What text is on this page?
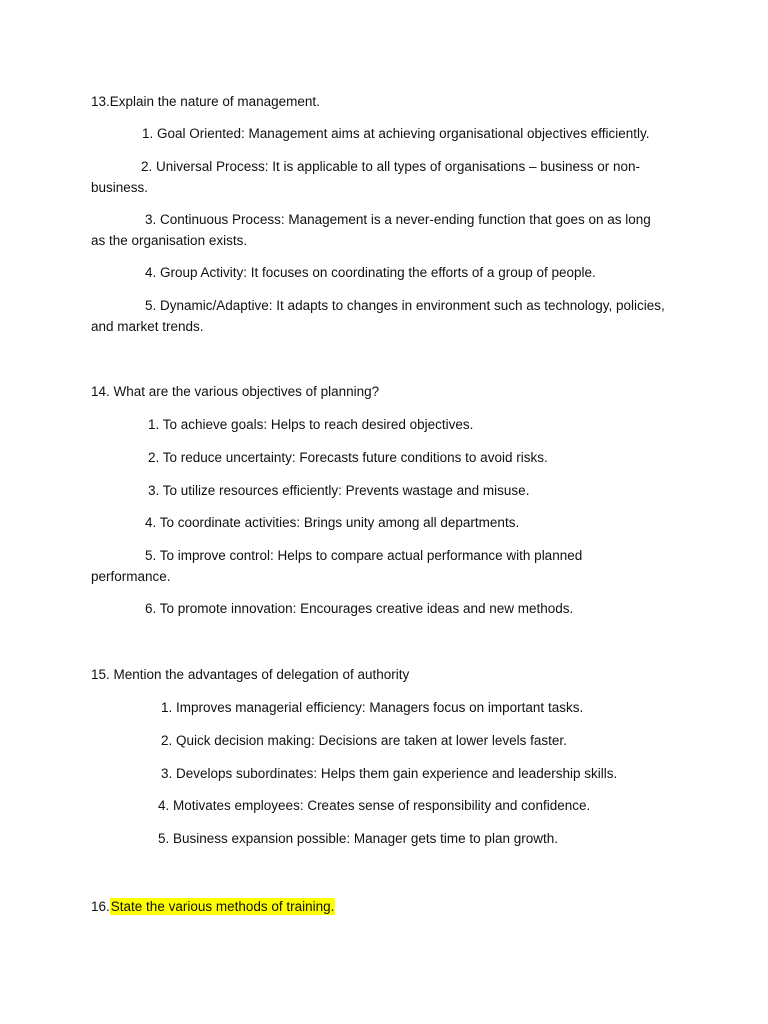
13.Explain the nature of management.
1. Goal Oriented: Management aims at achieving organisational objectives efficiently.
2. Universal Process: It is applicable to all types of organisations – business or non-
business.
3. Continuous Process: Management is a never-ending function that goes on as long
as the organisation exists.
4. Group Activity: It focuses on coordinating the efforts of a group of people.
5. Dynamic/Adaptive: It adapts to changes in environment such as technology, policies,
and market trends.
14. What are the various objectives of planning?
1. To achieve goals: Helps to reach desired objectives.
2. To reduce uncertainty: Forecasts future conditions to avoid risks.
3. To utilize resources efficiently: Prevents wastage and misuse.
4. To coordinate activities: Brings unity among all departments.
5. To improve control: Helps to compare actual performance with planned
performance.
6. To promote innovation: Encourages creative ideas and new methods.
15. Mention the advantages of delegation of authority
1. Improves managerial efficiency: Managers focus on important tasks.
2. Quick decision making: Decisions are taken at lower levels faster.
3. Develops subordinates: Helps them gain experience and leadership skills.
4. Motivates employees: Creates sense of responsibility and confidence.
5. Business expansion possible: Manager gets time to plan growth.
16.State the various methods of training.
